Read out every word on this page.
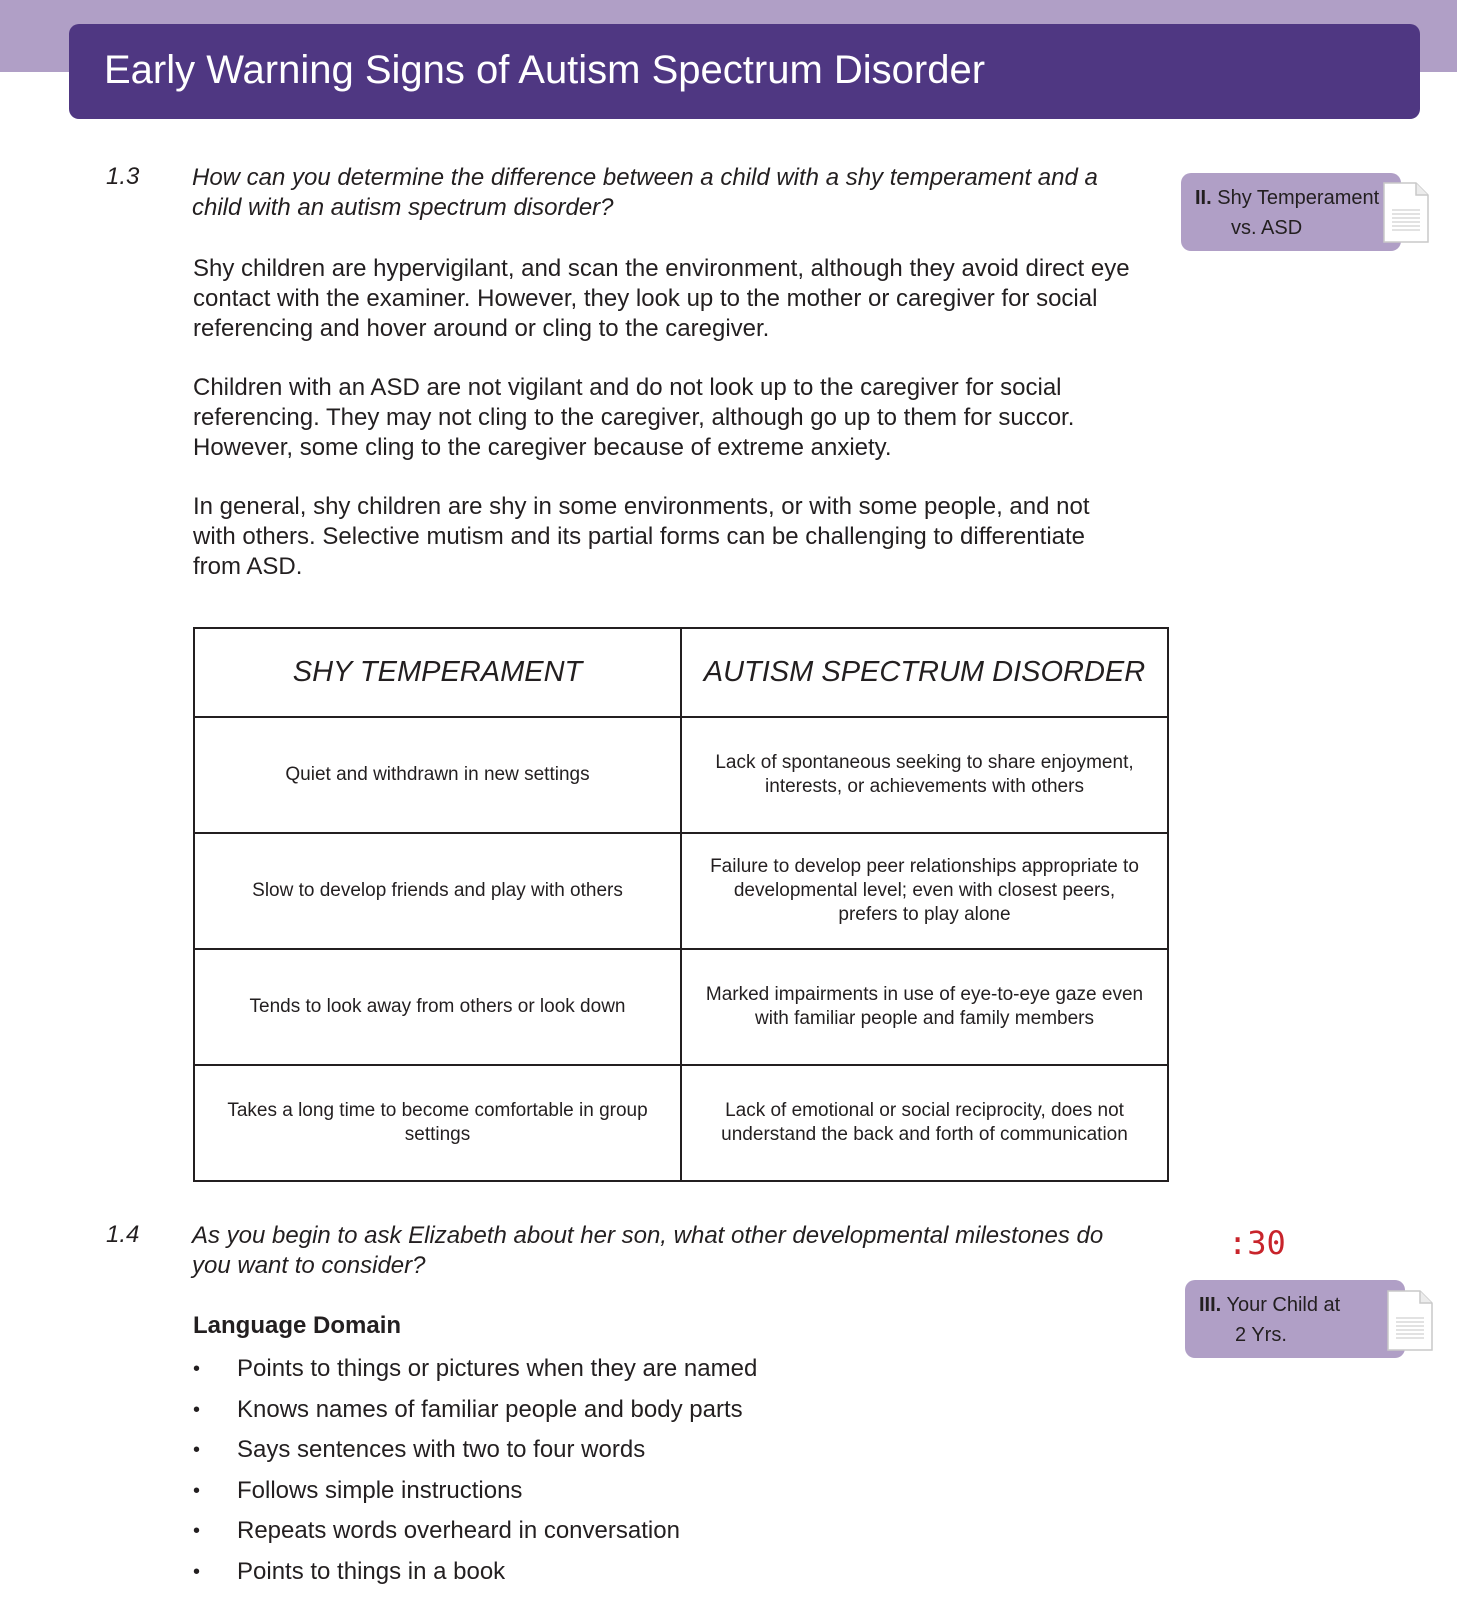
Early Warning Signs of Autism Spectrum Disorder
1.3 How can you determine the difference between a child with a shy temperament and a child with an autism spectrum disorder?

Shy children are hypervigilant, and scan the environment, although they avoid direct eye contact with the examiner. However, they look up to the mother or caregiver for social referencing and hover around or cling to the caregiver.

Children with an ASD are not vigilant and do not look up to the caregiver for social referencing. They may not cling to the caregiver, although go up to them for succor. However, some cling to the caregiver because of extreme anxiety.

In general, shy children are shy in some environments, or with some people, and not with others. Selective mutism and its partial forms can be challenging to differentiate from ASD.

SHY TEMPERAMENT	AUTISM SPECTRUM DISORDER

Quiet and withdrawn in new settings	Lack of spontaneous seeking to share enjoyment, interests, or achievements with others

Slow to develop friends and play with others	Failure to develop peer relationships appropriate to developmental level; even with closest peers, prefers to play alone

Tends to look away from others or look down	Marked impairments in use of eye-to-eye gaze even with familiar people and family members

Takes a long time to become comfortable in group settings	Lack of emotional or social reciprocity, does not understand the back and forth of communication
II. Shy Temperament
vs. ASD
1.4 As you begin to ask Elizabeth about her son, what other developmental milestones do you want to consider?

:30
III. Your Child at
2 Yrs.
Language Domain
• Points to things or pictures when they are named
• Knows names of familiar people and body parts
• Says sentences with two to four words
• Follows simple instructions
• Repeats words overheard in conversation
• Points to things in a book
